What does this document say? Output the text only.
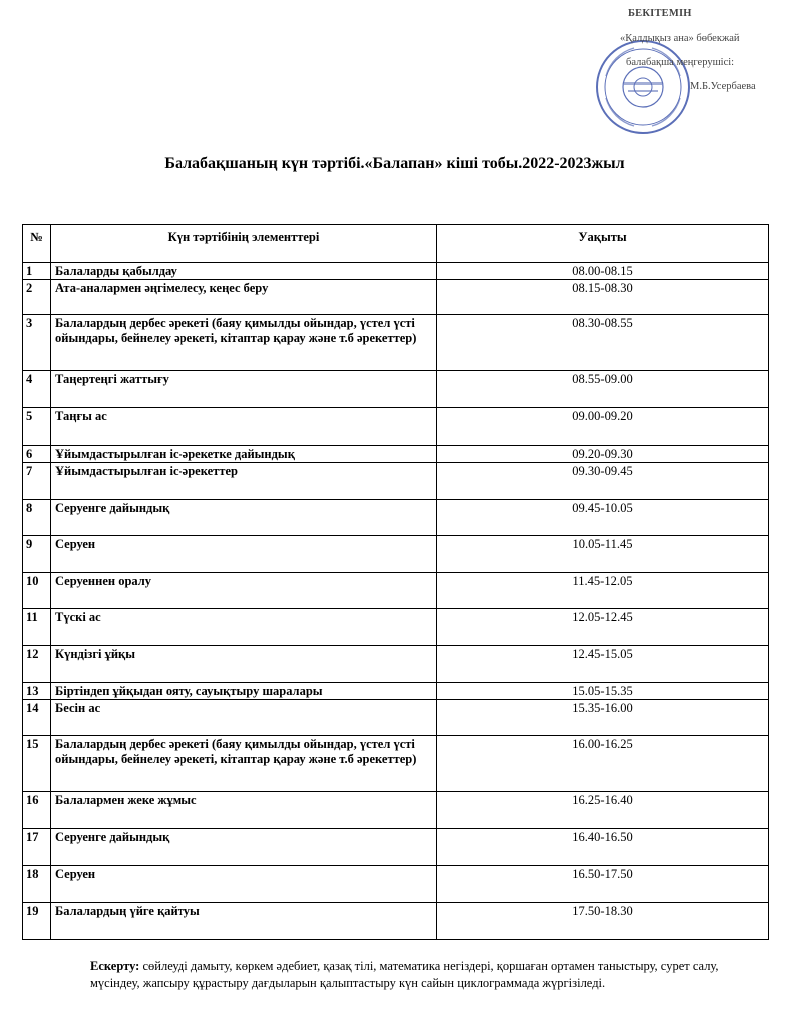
БЕКІТЕМІН
«Қалдықыз ана» бөбекжай
балабақша меңгерушісі:
М.Б.Усербаева
Балабақшаның күн тәртібі.«Балапан» кіші тобы.2022-2023жыл
№	Күн тәртібінің элементтері	Уақыты
1	Балаларды қабылдау	08.00-08.15
2	Ата-аналармен әңгімелесу, кеңес беру	08.15-08.30
3	Балалардың дербес әрекеті (баяу қимылды ойындар, үстел үсті ойындары, бейнелеу әрекеті, кітаптар қарау және т.б әрекеттер)	08.30-08.55
4	Таңертеңгі жаттығу	08.55-09.00
5	Таңғы ас	09.00-09.20
6	Ұйымдастырылған іс-әрекетке дайындық	09.20-09.30
7	Ұйымдастырылған іс-әрекеттер	09.30-09.45
8	Серуенге дайындық	09.45-10.05
9	Серуен	10.05-11.45
10	Серуеннен оралу	11.45-12.05
11	Түскі ас	12.05-12.45
12	Күндізгі ұйқы	12.45-15.05
13	Біртіндеп ұйқыдан ояту, сауықтыру шаралары	15.05-15.35
14	Бесін ас	15.35-16.00
15	Балалардың дербес әрекеті (баяу қимылды ойындар, үстел үсті ойындары, бейнелеу әрекеті, кітаптар қарау және т.б әрекеттер)	16.00-16.25
16	Балалармен жеке жұмыс	16.25-16.40
17	Серуенге дайындық	16.40-16.50
18	Серуен	16.50-17.50
19	Балалардың үйге қайтуы	17.50-18.30
Ескерту: сөйлеуді дамыту, көркем әдебиет, қазақ тілі, математика негіздері, қоршаған ортамен таныстыру, сурет салу, мүсіндеу, жапсыру құрастыру дағдыларын қалыптастыру күн сайын циклограммада жүргізіледі.
